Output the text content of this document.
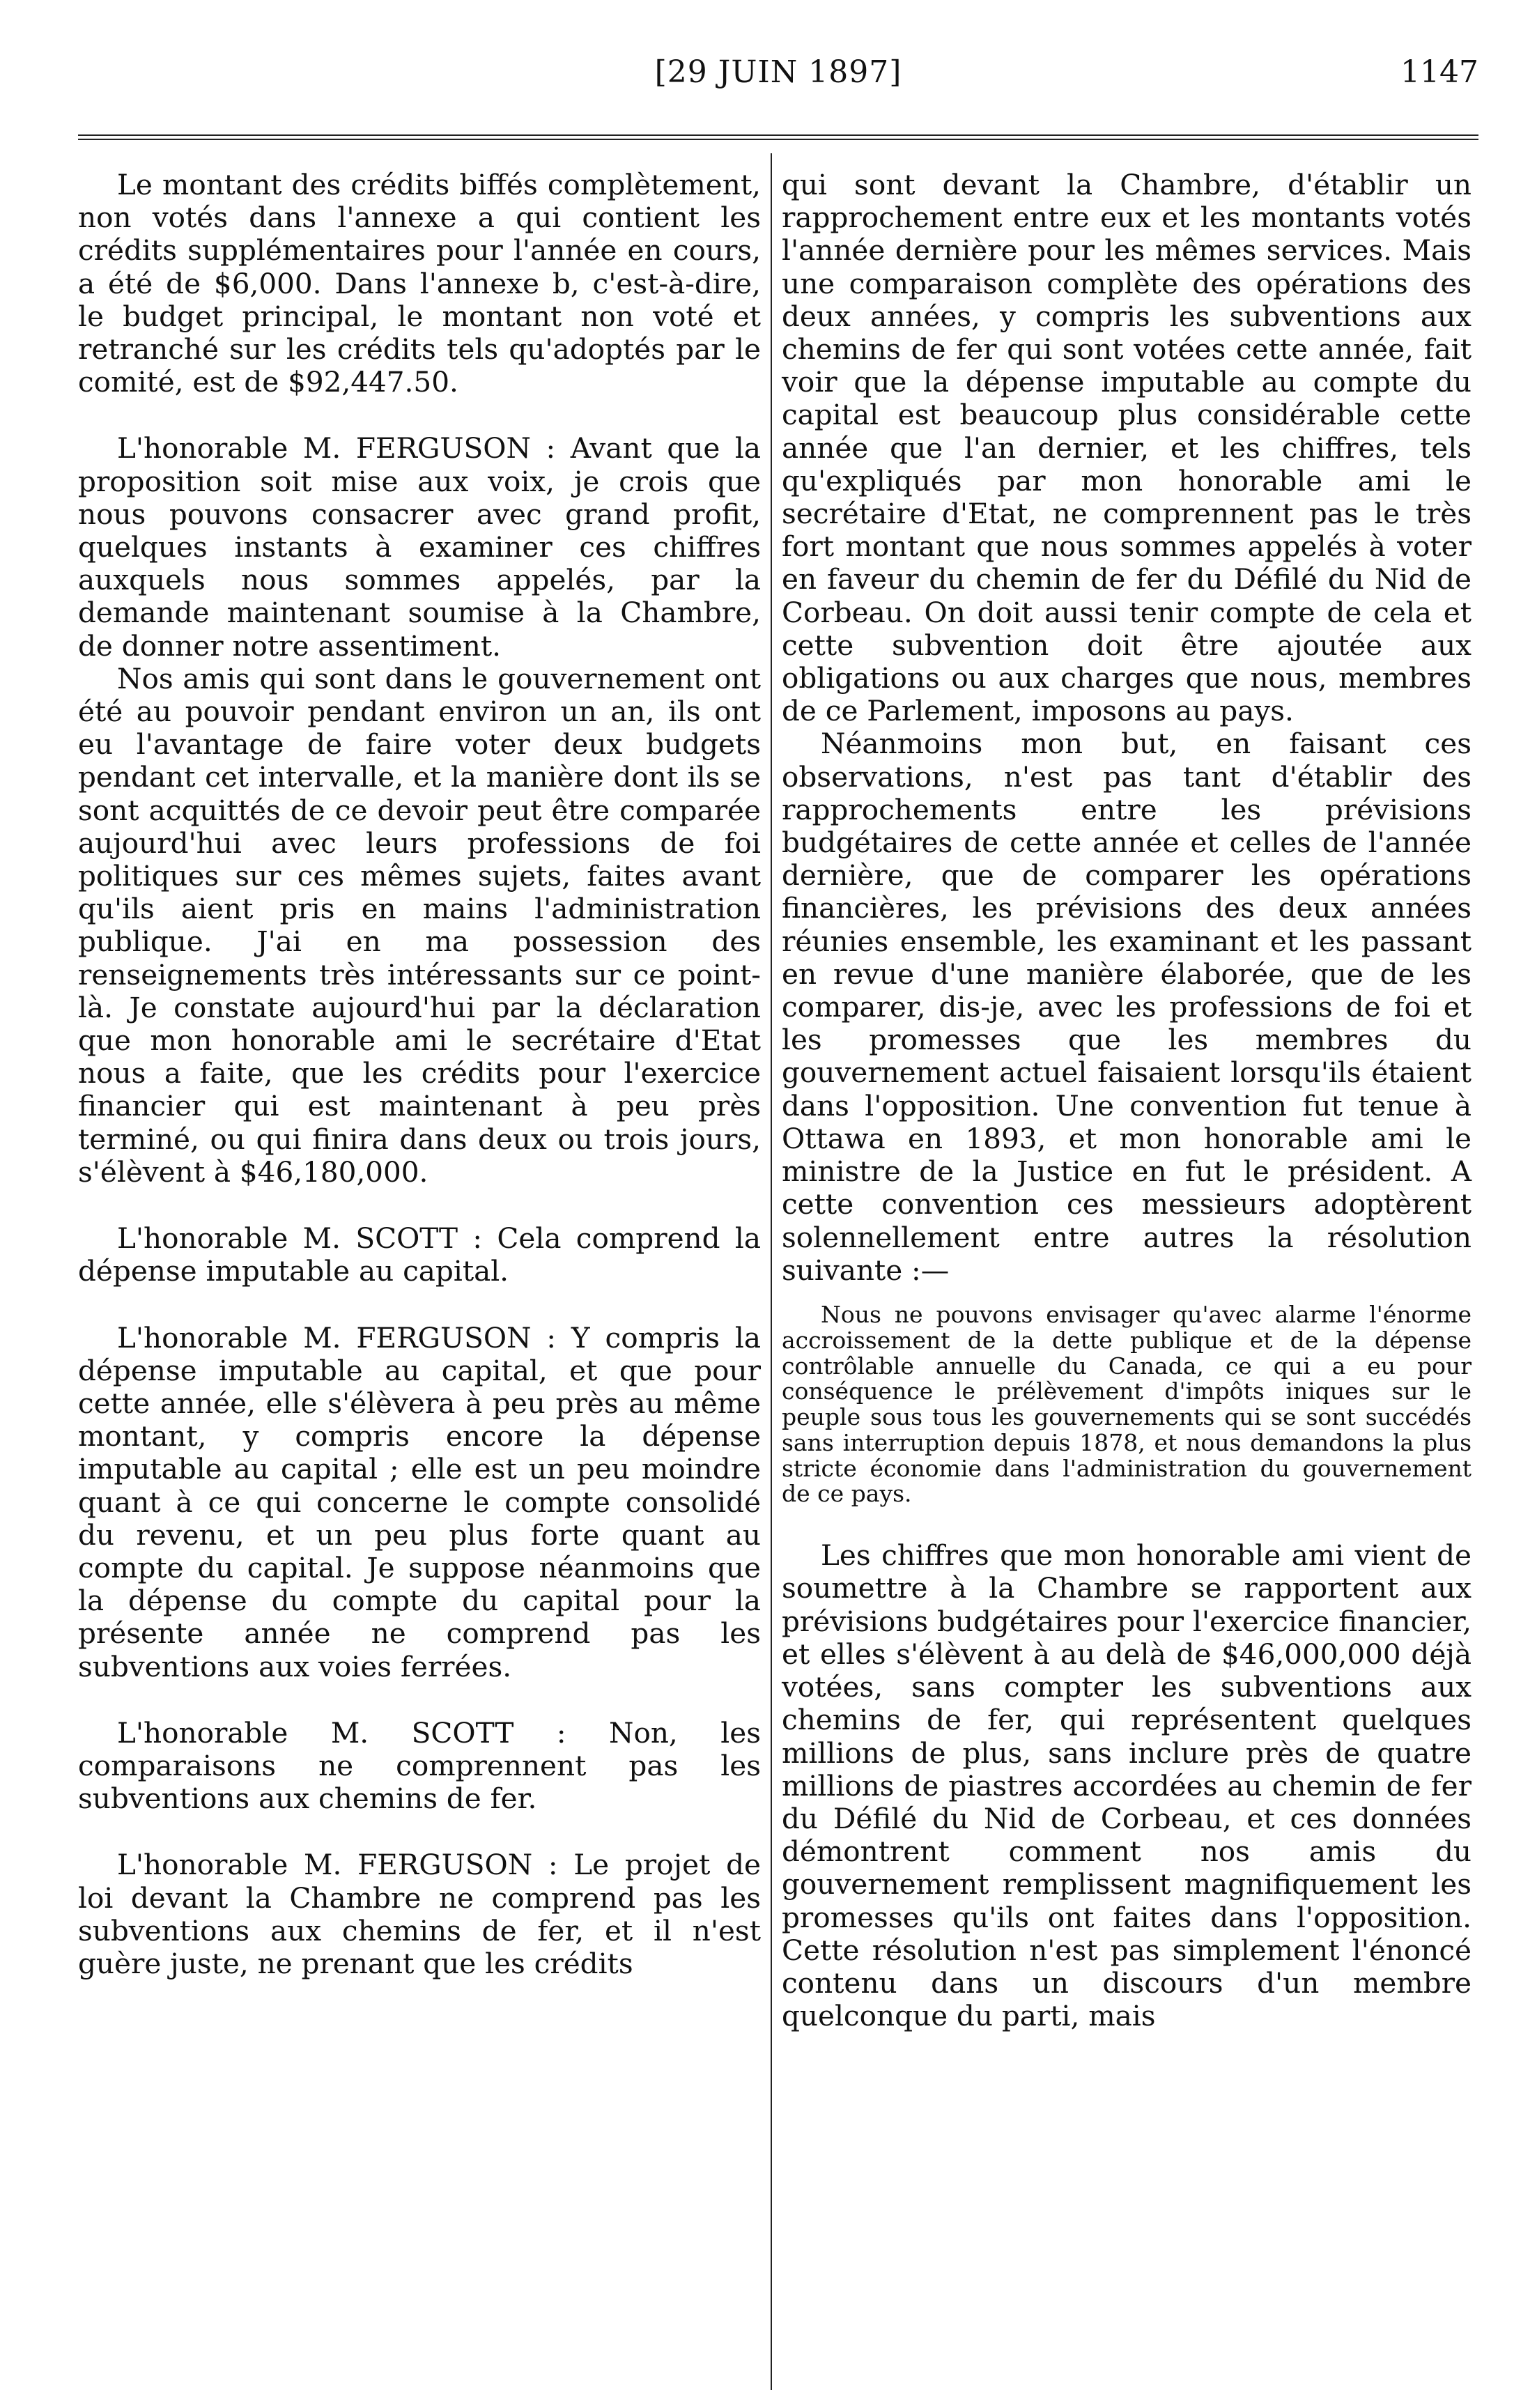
[29 JUIN 1897]	1147

Le montant des crédits biffés complètement, non votés dans l'annexe a qui contient les crédits supplémentaires pour l'année en cours, a été de $6,000. Dans l'annexe b, c'est-à-dire, le budget principal, le montant non voté et retranché sur les crédits tels qu'adoptés par le comité, est de $92,447.50.

L'honorable M. FERGUSON : Avant que la proposition soit mise aux voix, je crois que nous pouvons consacrer avec grand profit, quelques instants à examiner ces chiffres auxquels nous sommes appelés, par la demande maintenant soumise à la Chambre, de donner notre assentiment.

Nos amis qui sont dans le gouvernement ont été au pouvoir pendant environ un an, ils ont eu l'avantage de faire voter deux budgets pendant cet intervalle, et la manière dont ils se sont acquittés de ce devoir peut être comparée aujourd'hui avec leurs professions de foi politiques sur ces mêmes sujets, faites avant qu'ils aient pris en mains l'administration publique. J'ai en ma possession des renseignements très intéressants sur ce point-là. Je constate aujourd'hui par la déclaration que mon honorable ami le secrétaire d'Etat nous a faite, que les crédits pour l'exercice financier qui est maintenant à peu près terminé, ou qui finira dans deux ou trois jours, s'élèvent à $46,180,000.

L'honorable M. SCOTT : Cela comprend la dépense imputable au capital.

L'honorable M. FERGUSON : Y compris la dépense imputable au capital, et que pour cette année, elle s'élèvera à peu près au même montant, y compris encore la dépense imputable au capital ; elle est un peu moindre quant à ce qui concerne le compte consolidé du revenu, et un peu plus forte quant au compte du capital. Je suppose néanmoins que la dépense du compte du capital pour la présente année ne comprend pas les subventions aux voies ferrées.

L'honorable M. SCOTT : Non, les comparaisons ne comprennent pas les subventions aux chemins de fer.

L'honorable M. FERGUSON : Le projet de loi devant la Chambre ne comprend pas les subventions aux chemins de fer, et il n'est guère juste, ne prenant que les crédits

qui sont devant la Chambre, d'établir un rapprochement entre eux et les montants votés l'année dernière pour les mêmes services. Mais une comparaison complète des opérations des deux années, y compris les subventions aux chemins de fer qui sont votées cette année, fait voir que la dépense imputable au compte du capital est beaucoup plus considérable cette année que l'an dernier, et les chiffres, tels qu'expliqués par mon honorable ami le secrétaire d'Etat, ne comprennent pas le très fort montant que nous sommes appelés à voter en faveur du chemin de fer du Défilé du Nid de Corbeau. On doit aussi tenir compte de cela et cette subvention doit être ajoutée aux obligations ou aux charges que nous, membres de ce Parlement, imposons au pays.

Néanmoins mon but, en faisant ces observations, n'est pas tant d'établir des rapprochements entre les prévisions budgétaires de cette année et celles de l'année dernière, que de comparer les opérations financières, les prévisions des deux années réunies ensemble, les examinant et les passant en revue d'une manière élaborée, que de les comparer, dis-je, avec les professions de foi et les promesses que les membres du gouvernement actuel faisaient lorsqu'ils étaient dans l'opposition. Une convention fut tenue à Ottawa en 1893, et mon honorable ami le ministre de la Justice en fut le président. A cette convention ces messieurs adoptèrent solennellement entre autres la résolution suivante :—

Nous ne pouvons envisager qu'avec alarme l'énorme accroissement de la dette publique et de la dépense contrôlable annuelle du Canada, ce qui a eu pour conséquence le prélèvement d'impôts iniques sur le peuple sous tous les gouvernements qui se sont succédés sans interruption depuis 1878, et nous demandons la plus stricte économie dans l'administration du gouvernement de ce pays.

Les chiffres que mon honorable ami vient de soumettre à la Chambre se rapportent aux prévisions budgétaires pour l'exercice financier, et elles s'élèvent à au delà de $46,000,000 déjà votées, sans compter les subventions aux chemins de fer, qui représentent quelques millions de plus, sans inclure près de quatre millions de piastres accordées au chemin de fer du Défilé du Nid de Corbeau, et ces données démontrent comment nos amis du gouvernement remplissent magnifiquement les promesses qu'ils ont faites dans l'opposition. Cette résolution n'est pas simplement l'énoncé contenu dans un discours d'un membre quelconque du parti, mais
